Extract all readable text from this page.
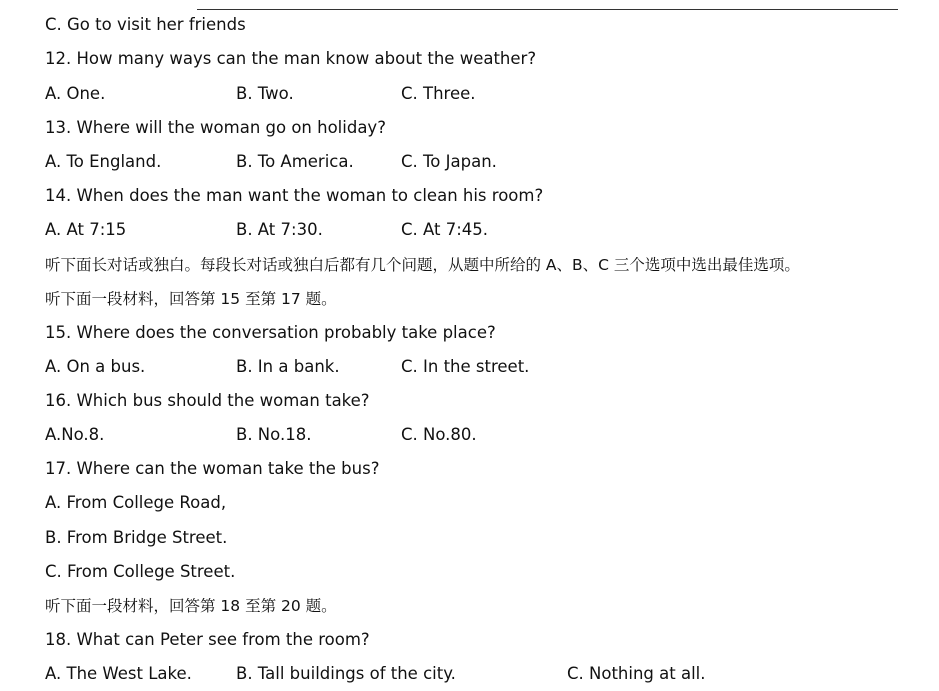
C. Go to visit her friends
12. How many ways can the man know about the weather?
A. One.	B. Two.	C. Three.
13. Where will the woman go on holiday?
A. To England.	B. To America.	C. To Japan.
14. When does the man want the woman to clean his room?
A. At 7:15	B. At 7:30.	C. At 7:45.
听下面长对话或独白。每段长对话或独白后都有几个问题，从题中所给的 A、B、C 三个选项中选出最佳选项。
听下面一段材料，回答第 15 至第 17 题。
15. Where does the conversation probably take place?
A. On a bus.	B. In a bank.	C. In the street.
16. Which bus should the woman take?
A.No.8.	B. No.18.	C. No.80.
17. Where can the woman take the bus?
A. From College Road,
B. From Bridge Street.
C. From College Street.
听下面一段材料，回答第 18 至第 20 题。
18. What can Peter see from the room?
A. The West Lake.	B. Tall buildings of the city.	C. Nothing at all.
